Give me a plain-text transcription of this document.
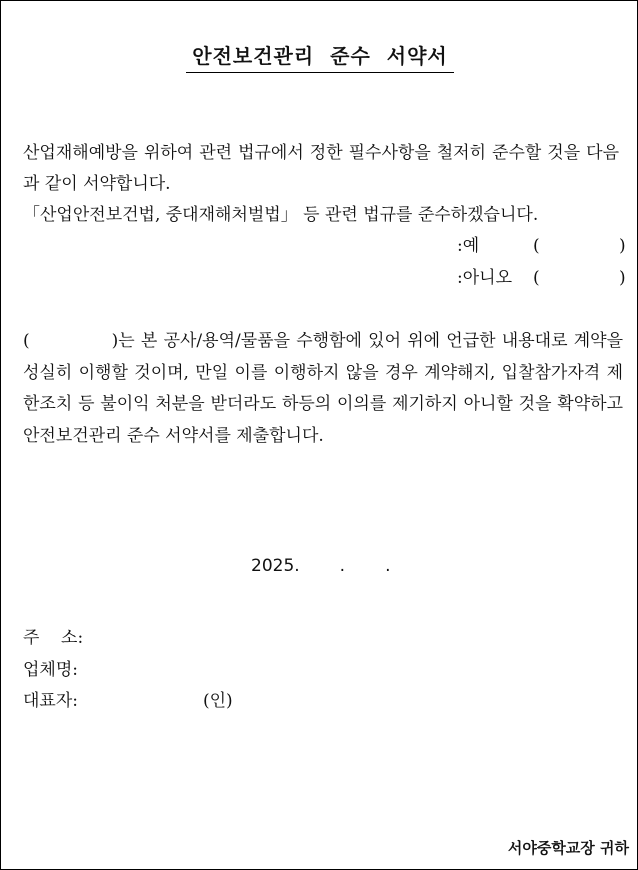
안전보건관리 준수 서약서
산업재해예방을 위하여 관련 법규에서 정한 필수사항을 철저히 준수할 것을 다음과 같이 서약합니다.
「산업안전보건법, 중대재해처벌법」 등 관련 법규를 준수하겠습니다.
:예	(	)
:아니오 (	)
(	)는 본 공사/용역/물품을 수행함에 있어 위에 언급한 내용대로 계약을 성실히 이행할 것이며, 만일 이를 이행하지 않을 경우 계약해지, 입찰참가자격 제한조치 등 불이익 처분을 받더라도 하등의 이의를 제기하지 아니할 것을 확약하고 안전보건관리 준수 서약서를 제출합니다.
2025. . .
주    소:
업체명:
대표자:	(인)
서야중학교장 귀하
